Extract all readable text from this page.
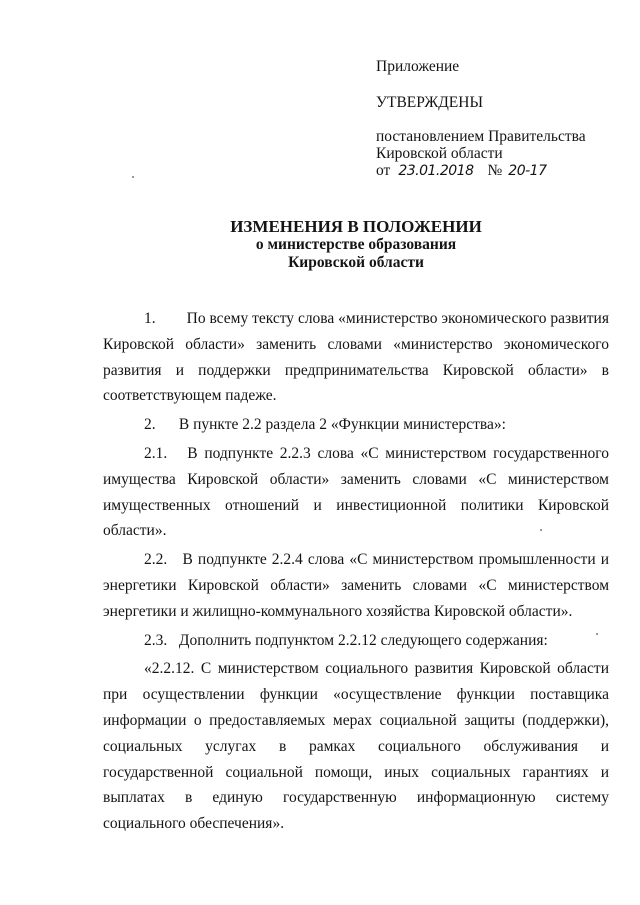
Приложение

УТВЕРЖДЕНЫ

постановлением Правительства

Кировской области

от 23.01.2018 № 20-17

ИЗМЕНЕНИЯ В ПОЛОЖЕНИИ

о министерстве образования

Кировской области

1.        По всему тексту слова «министерство экономического развития Кировской области» заменить словами «министерство экономического развития и поддержки предпринимательства Кировской области» в соответствующем падеже.

2.      В пункте 2.2 раздела 2 «Функции министерства»:

2.1.   В подпункте 2.2.3 слова «С министерством государственного имущества Кировской области» заменить словами «С министерством имущественных отношений и инвестиционной политики Кировской области».

2.2.   В подпункте 2.2.4 слова «С министерством промышленности и энергетики Кировской области» заменить словами «С министерством энергетики и жилищно-коммунального хозяйства Кировской области».

2.3.   Дополнить подпунктом 2.2.12 следующего содержания:

«2.2.12. С министерством социального развития Кировской области при осуществлении функции «осуществление функции поставщика информации о предоставляемых мерах социальной защиты (поддержки), социальных услугах в рамках социального обслуживания и государственной социальной помощи, иных социальных гарантиях и выплатах в единую государственную информационную систему социального обеспечения».
